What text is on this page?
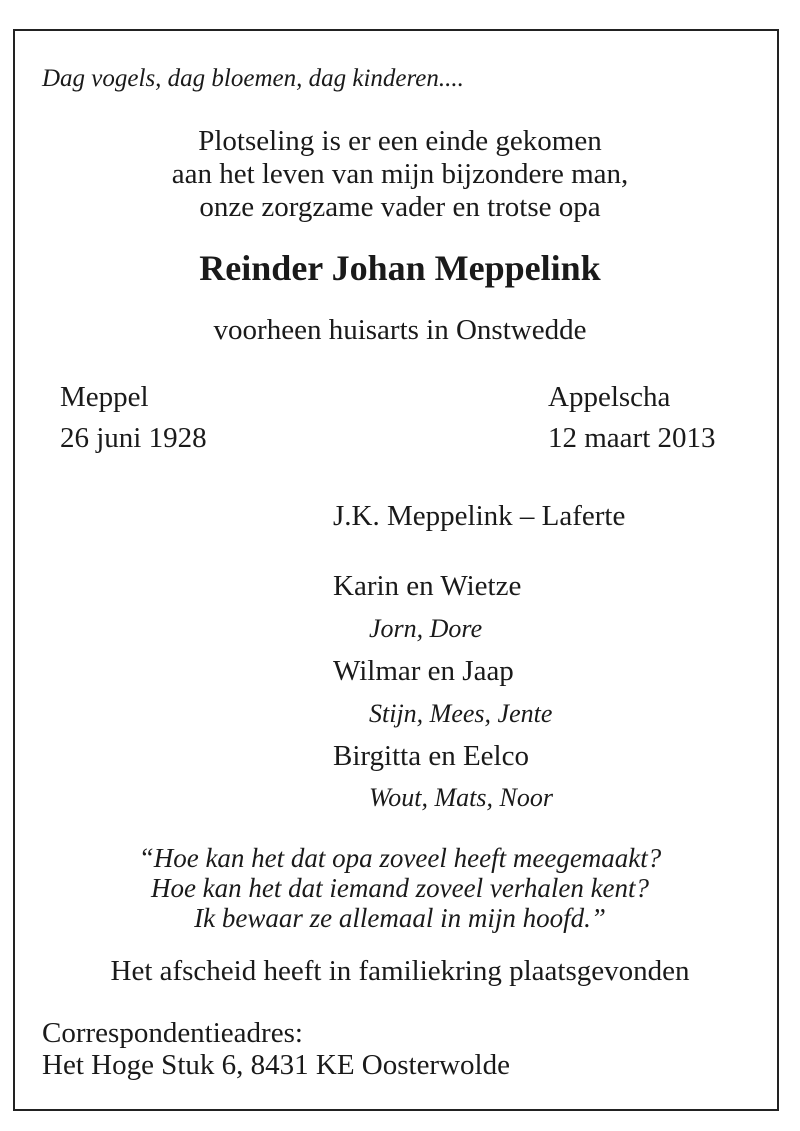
Dag vogels, dag bloemen, dag kinderen....
Plotseling is er een einde gekomen
aan het leven van mijn bijzondere man,
onze zorgzame vader en trotse opa
Reinder Johan Meppelink
voorheen huisarts in Onstwedde
Meppel
26 juni 1928
Appelscha
12 maart 2013
J.K. Meppelink – Laferte
Karin en Wietze
Jorn, Dore
Wilmar en Jaap
Stijn, Mees, Jente
Birgitta en Eelco
Wout, Mats, Noor
“Hoe kan het dat opa zoveel heeft meegemaakt?
Hoe kan het dat iemand zoveel verhalen kent?
Ik bewaar ze allemaal in mijn hoofd.”
Het afscheid heeft in familiekring plaatsgevonden
Correspondentieadres:
Het Hoge Stuk 6, 8431 KE Oosterwolde
